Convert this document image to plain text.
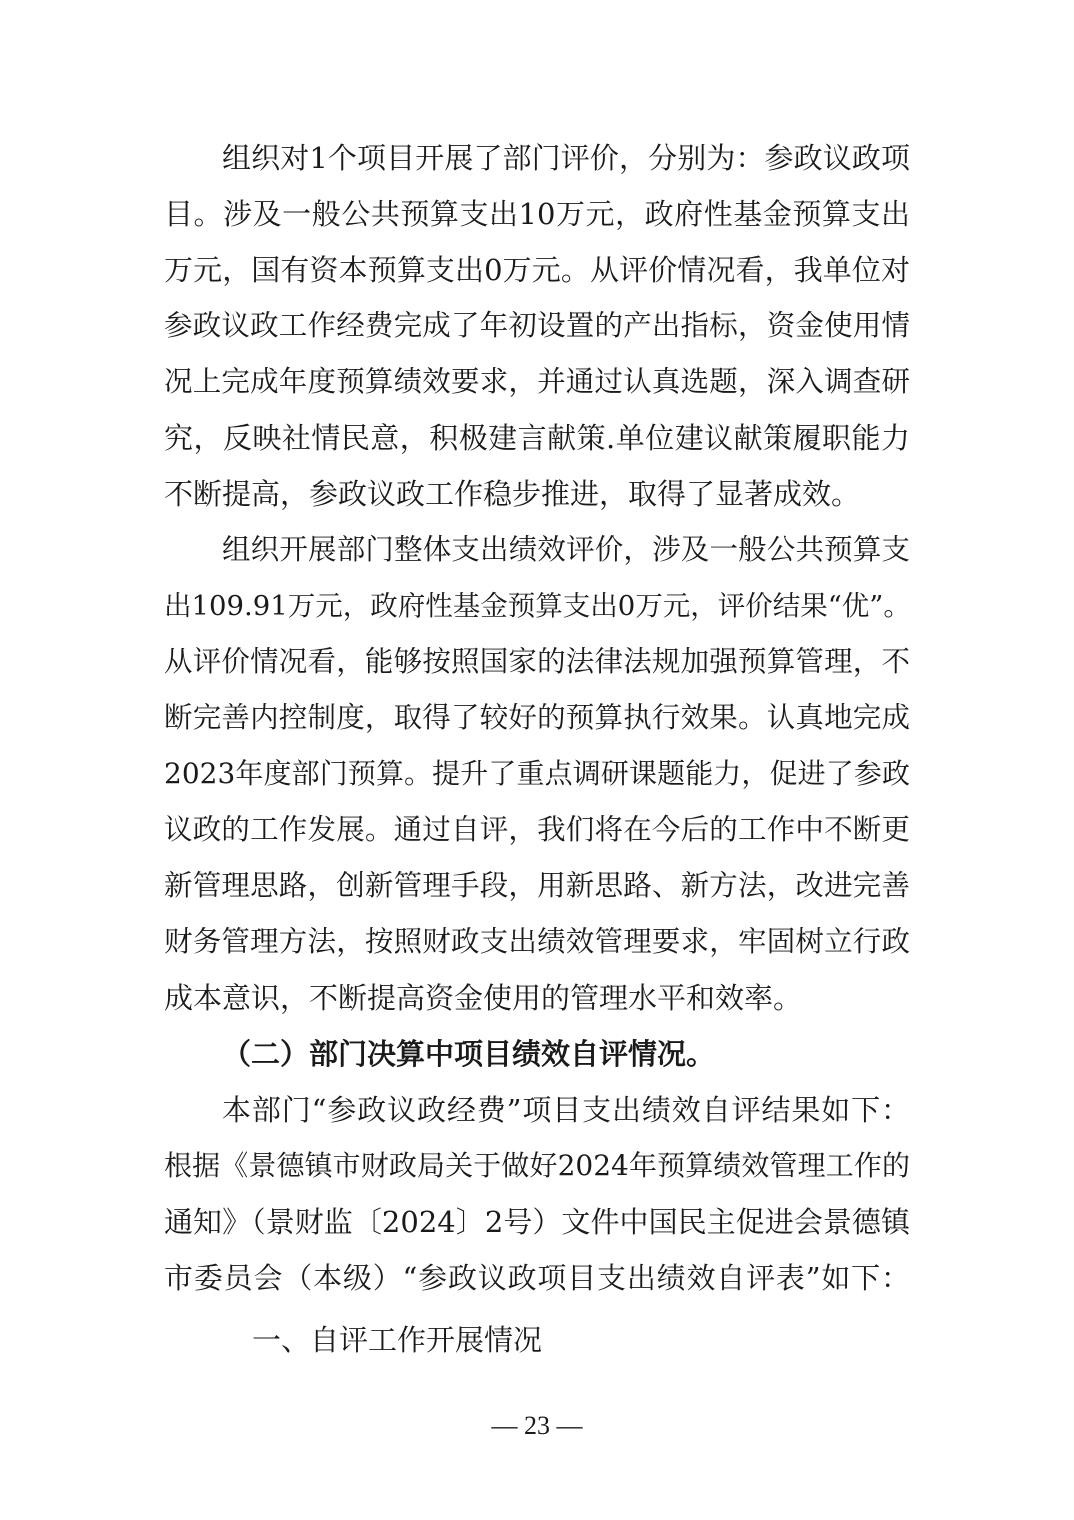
组织对1个项目开展了部门评价，分别为：参政议政项
目。涉及一般公共预算支出10万元，政府性基金预算支出
万元，国有资本预算支出0万元。从评价情况看，我单位对
参政议政工作经费完成了年初设置的产出指标，资金使用情
况上完成年度预算绩效要求，并通过认真选题，深入调查研
究，反映社情民意，积极建言献策.单位建议献策履职能力
不断提高，参政议政工作稳步推进，取得了显著成效。
组织开展部门整体支出绩效评价，涉及一般公共预算支
出109.91万元，政府性基金预算支出0万元，评价结果“优”。
从评价情况看，能够按照国家的法律法规加强预算管理，不
断完善内控制度，取得了较好的预算执行效果。认真地完成
2023年度部门预算。提升了重点调研课题能力，促进了参政
议政的工作发展。通过自评，我们将在今后的工作中不断更
新管理思路，创新管理手段，用新思路、新方法，改进完善
财务管理方法，按照财政支出绩效管理要求，牢固树立行政
成本意识，不断提高资金使用的管理水平和效率。
（二）部门决算中项目绩效自评情况。
本部门“参政议政经费”项目支出绩效自评结果如下：
根据《景德镇市财政局关于做好2024年预算绩效管理工作的
通知》（景财监〔2024〕2号）文件中国民主促进会景德镇
市委员会（本级）“参政议政项目支出绩效自评表”如下：
一、自评工作开展情况
— 23 —
